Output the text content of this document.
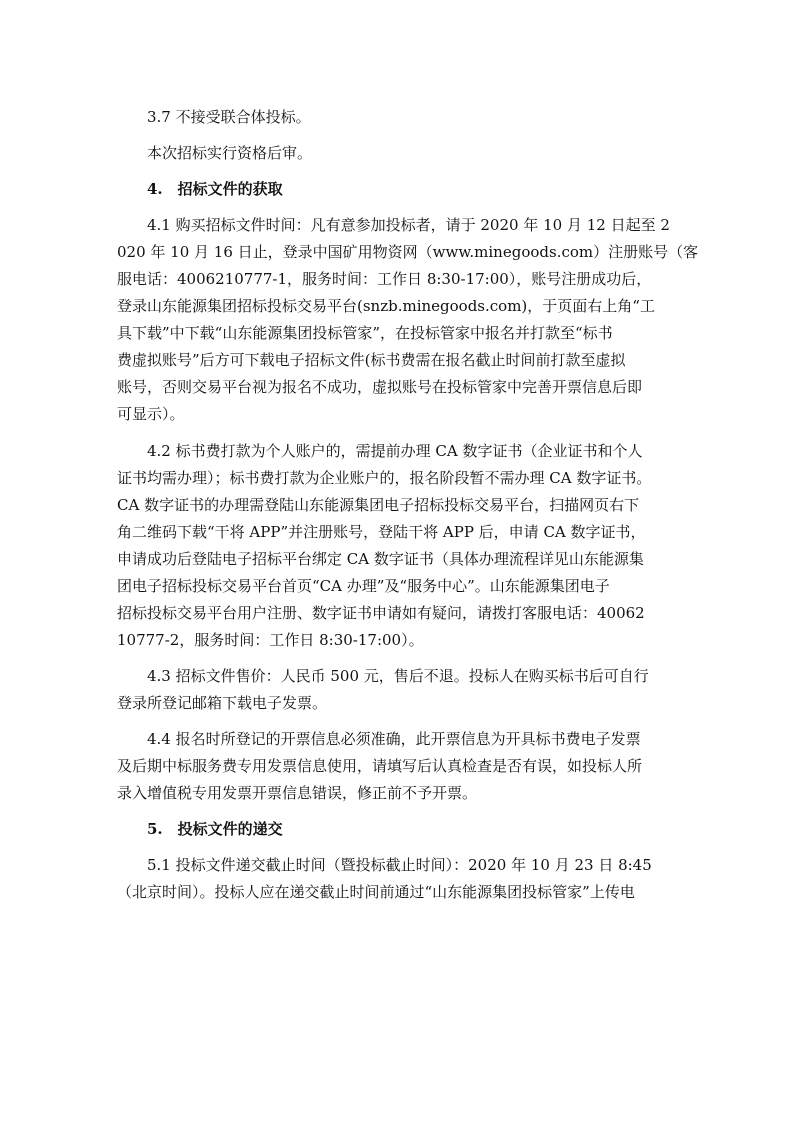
3.7 不接受联合体投标。
本次招标实行资格后审。
4.　招标文件的获取
4.1 购买招标文件时间：凡有意参加投标者，请于 2020 年 10 月 12 日起至 2
020 年 10 月 16 日止，登录中国矿用物资网（www.minegoods.com）注册账号（客
服电话：4006210777-1，服务时间：工作日 8:30-17:00），账号注册成功后，
登录山东能源集团招标投标交易平台(snzb.minegoods.com)，于页面右上角“工
具下载”中下载“山东能源集团投标管家”，在投标管家中报名并打款至“标书
费虚拟账号”后方可下载电子招标文件(标书费需在报名截止时间前打款至虚拟
账号，否则交易平台视为报名不成功，虚拟账号在投标管家中完善开票信息后即
可显示）。
4.2 标书费打款为个人账户的，需提前办理 CA 数字证书（企业证书和个人
证书均需办理）；标书费打款为企业账户的，报名阶段暂不需办理 CA 数字证书。
CA 数字证书的办理需登陆山东能源集团电子招标投标交易平台，扫描网页右下
角二维码下载“干将 APP”并注册账号，登陆干将 APP 后，申请 CA 数字证书，
申请成功后登陆电子招标平台绑定 CA 数字证书（具体办理流程详见山东能源集
团电子招标投标交易平台首页“CA 办理”及“服务中心”。山东能源集团电子
招标投标交易平台用户注册、数字证书申请如有疑问，请拨打客服电话：40062
10777-2，服务时间：工作日 8:30-17:00）。
4.3 招标文件售价：人民币 500 元，售后不退。投标人在购买标书后可自行
登录所登记邮箱下载电子发票。
4.4 报名时所登记的开票信息必须准确，此开票信息为开具标书费电子发票
及后期中标服务费专用发票信息使用，请填写后认真检查是否有误，如投标人所
录入增值税专用发票开票信息错误，修正前不予开票。
5.　投标文件的递交
5.1 投标文件递交截止时间（暨投标截止时间）：2020 年 10 月 23 日 8:45
（北京时间）。投标人应在递交截止时间前通过“山东能源集团投标管家”上传电
